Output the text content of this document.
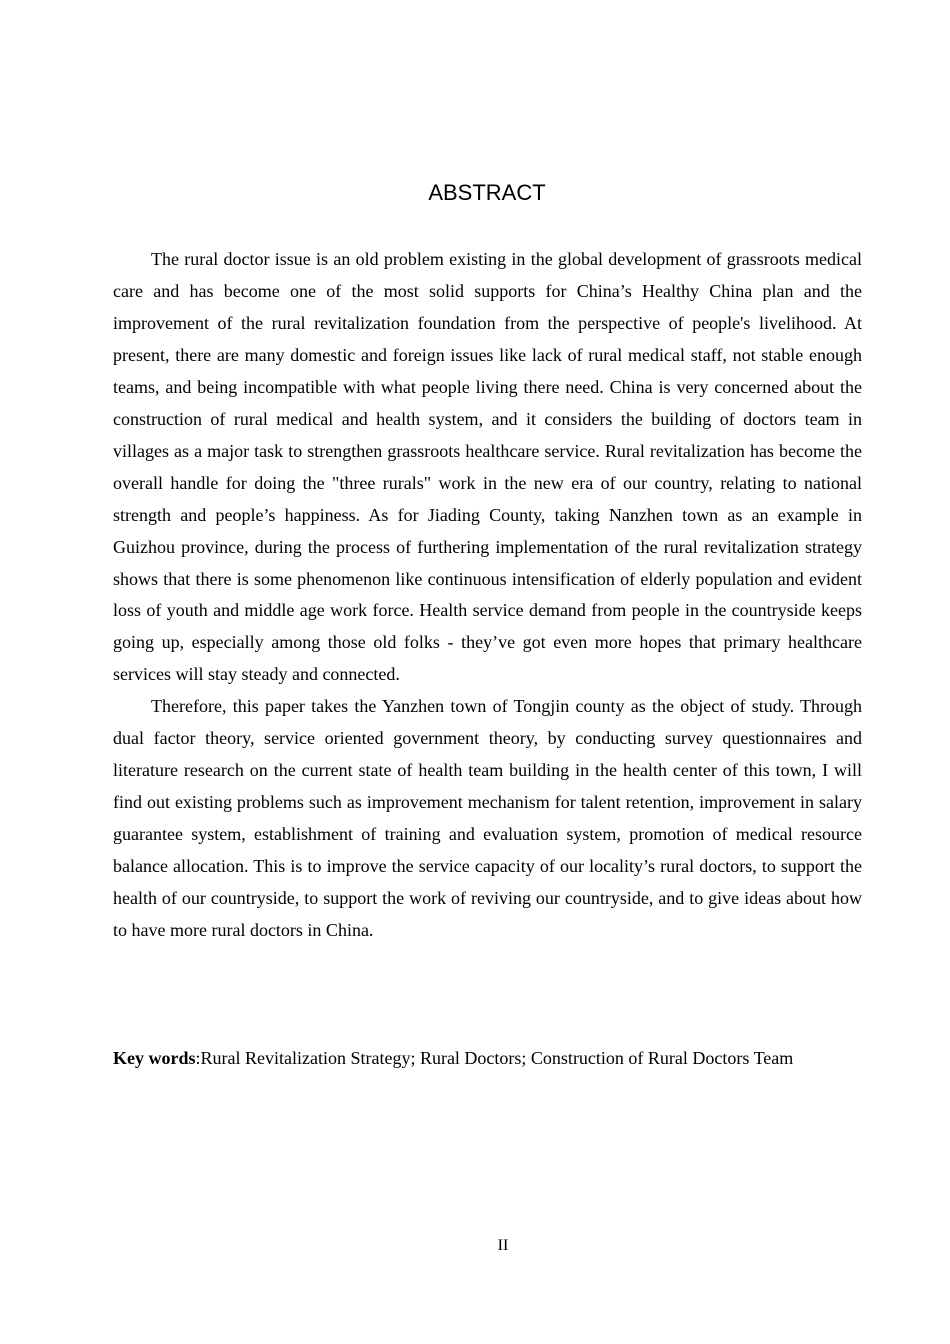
ABSTRACT

The rural doctor issue is an old problem existing in the global development of grassroots medical care and has become one of the most solid supports for China’s Healthy China plan and the improvement of the rural revitalization foundation from the perspective of people's livelihood. At present, there are many domestic and foreign issues like lack of rural medical staff, not stable enough teams, and being incompatible with what people living there need. China is very concerned about the construction of rural medical and health system, and it considers the building of doctors team in villages as a major task to strengthen grassroots healthcare service. Rural revitalization has become the overall handle for doing the "three rurals" work in the new era of our country, relating to national strength and people’s happiness. As for Jiading County, taking Nanzhen town as an example in Guizhou province, during the process of furthering implementation of the rural revitalization strategy shows that there is some phenomenon like continuous intensification of elderly population and evident loss of youth and middle age work force. Health service demand from people in the countryside keeps going up, especially among those old folks - they’ve got even more hopes that primary healthcare services will stay steady and connected.

Therefore, this paper takes the Yanzhen town of Tongjin county as the object of study. Through dual factor theory, service oriented government theory, by conducting survey questionnaires and literature research on the current state of health team building in the health center of this town, I will find out existing problems such as improvement mechanism for talent retention, improvement in salary guarantee system, establishment of training and evaluation system, promotion of medical resource balance allocation. This is to improve the service capacity of our locality’s rural doctors, to support the health of our countryside, to support the work of reviving our countryside, and to give ideas about how to have more rural doctors in China.

Key words:Rural Revitalization Strategy; Rural Doctors; Construction of Rural Doctors Team

II
